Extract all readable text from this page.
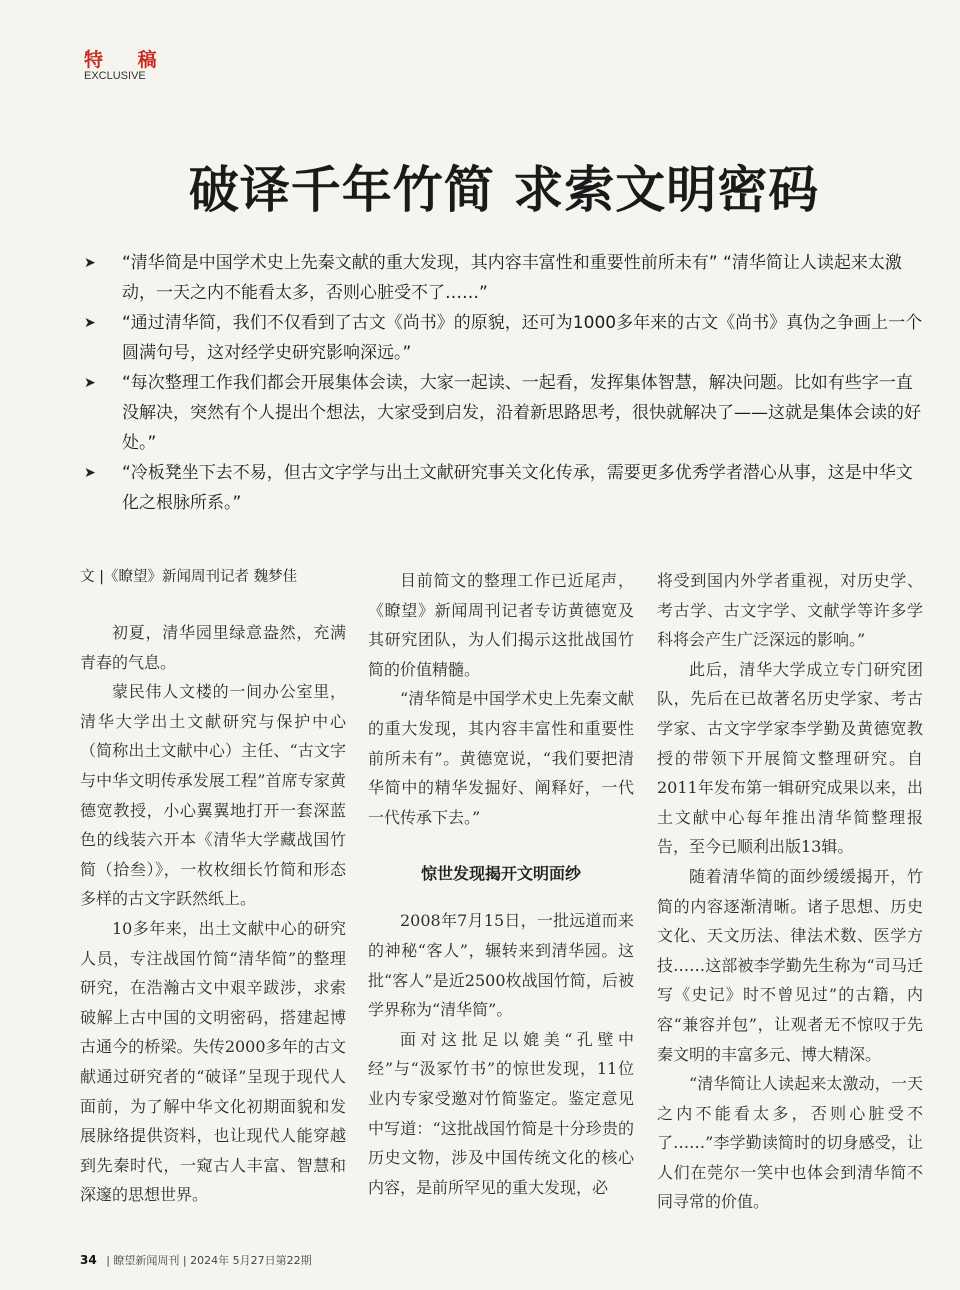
特 稿
EXCLUSIVE
破译千年竹简 求索文明密码
➤ “清华简是中国学术史上先秦文献的重大发现，其内容丰富性和重要性前所未有” “清华简让人读起来太激动，一天之内不能看太多，否则心脏受不了……”
➤ “通过清华简，我们不仅看到了古文《尚书》的原貌，还可为1000多年来的古文《尚书》真伪之争画上一个圆满句号，这对经学史研究影响深远。”
➤ “每次整理工作我们都会开展集体会读，大家一起读、一起看，发挥集体智慧，解决问题。比如有些字一直没解决，突然有个人提出个想法，大家受到启发，沿着新思路思考，很快就解决了——这就是集体会读的好处。”
➤ “冷板凳坐下去不易，但古文字学与出土文献研究事关文化传承，需要更多优秀学者潜心从事，这是中华文化之根脉所系。”
文 |《瞭望》新闻周刊记者 魏梦佳

初夏，清华园里绿意盎然，充满青春的气息。

蒙民伟人文楼的一间办公室里，清华大学出土文献研究与保护中心（简称出土文献中心）主任、“古文字与中华文明传承发展工程”首席专家黄德宽教授，小心翼翼地打开一套深蓝色的线装六开本《清华大学藏战国竹简（拾叁）》，一枚枚细长竹简和形态多样的古文字跃然纸上。

10多年来，出土文献中心的研究人员，专注战国竹简“清华简”的整理研究，在浩瀚古文中艰辛跋涉，求索破解上古中国的文明密码，搭建起博古通今的桥梁。失传2000多年的古文献通过研究者的“破译”呈现于现代人面前，为了解中华文化初期面貌和发展脉络提供资料，也让现代人能穿越到先秦时代，一窥古人丰富、智慧和深邃的思想世界。

目前简文的整理工作已近尾声，《瞭望》新闻周刊记者专访黄德宽及其研究团队，为人们揭示这批战国竹简的价值精髓。

“清华简是中国学术史上先秦文献的重大发现，其内容丰富性和重要性前所未有”。黄德宽说，“我们要把清华简中的精华发掘好、阐释好，一代一代传承下去。”

惊世发现揭开文明面纱

2008年7月15日，一批远道而来的神秘“客人”，辗转来到清华园。这批“客人”是近2500枚战国竹简，后被学界称为“清华简”。

面对这批足以媲美“孔壁中经”与“汲冢竹书”的惊世发现，11位业内专家受邀对竹简鉴定。鉴定意见中写道：“这批战国竹简是十分珍贵的历史文物，涉及中国传统文化的核心内容，是前所罕见的重大发现，必

将受到国内外学者重视，对历史学、考古学、古文字学、文献学等许多学科将会产生广泛深远的影响。”

此后，清华大学成立专门研究团队，先后在已故著名历史学家、考古学家、古文字学家李学勤及黄德宽教授的带领下开展简文整理研究。自2011年发布第一辑研究成果以来，出土文献中心每年推出清华简整理报告，至今已顺利出版13辑。

随着清华简的面纱缓缓揭开，竹简的内容逐渐清晰。诸子思想、历史文化、天文历法、律法术数、医学方技……这部被李学勤先生称为“司马迁写《史记》时不曾见过”的古籍，内容“兼容并包”，让观者无不惊叹于先秦文明的丰富多元、博大精深。

“清华简让人读起来太激动，一天之内不能看太多，否则心脏受不了……”李学勤读简时的切身感受，让人们在莞尔一笑中也体会到清华简不同寻常的价值。

34 | 瞭望新闻周刊 | 2024年 5月27日第22期
